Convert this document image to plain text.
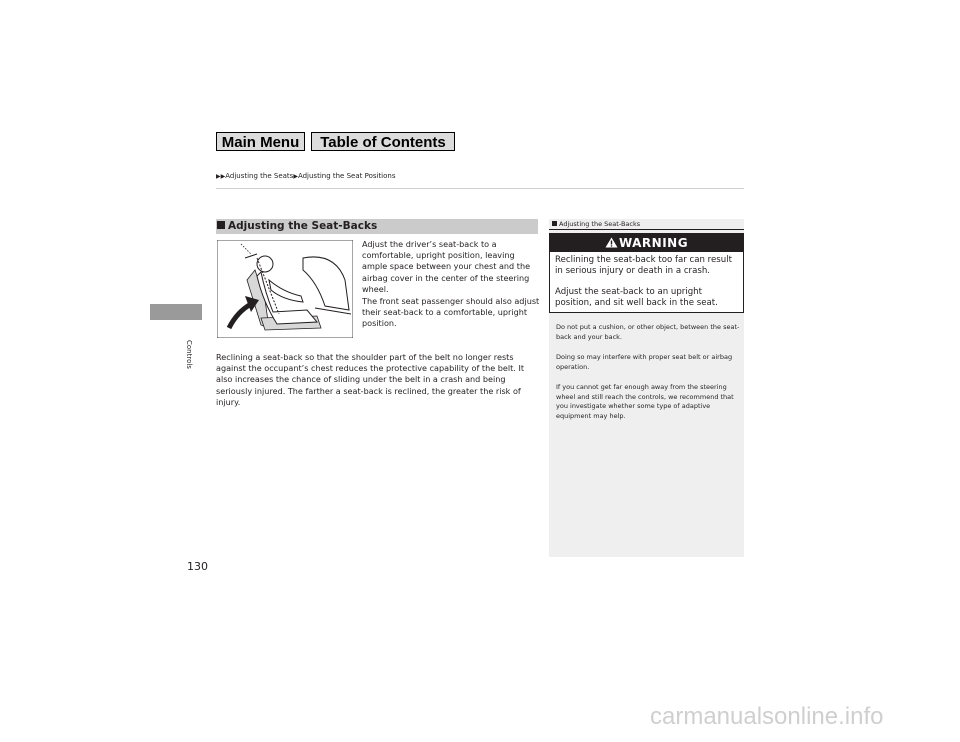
Main Menu	Table of Contents
▶▶Adjusting the Seats▶Adjusting the Seat Positions
Controls
130
Adjusting the Seat-Backs
Adjust the driver’s seat-back to a comfortable, upright position, leaving ample space between your chest and the airbag cover in the center of the steering wheel.
The front seat passenger should also adjust their seat-back to a comfortable, upright position.
Reclining a seat-back so that the shoulder part of the belt no longer rests against the occupant’s chest reduces the protective capability of the belt. It also increases the chance of sliding under the belt in a crash and being seriously injured. The farther a seat-back is reclined, the greater the risk of injury.
Adjusting the Seat-Backs
WARNING
Reclining the seat-back too far can result in serious injury or death in a crash.
Adjust the seat-back to an upright position, and sit well back in the seat.
Do not put a cushion, or other object, between the seat-back and your back.
Doing so may interfere with proper seat belt or airbag operation.
If you cannot get far enough away from the steering wheel and still reach the controls, we recommend that you investigate whether some type of adaptive equipment may help.
carmanualsonline.info
